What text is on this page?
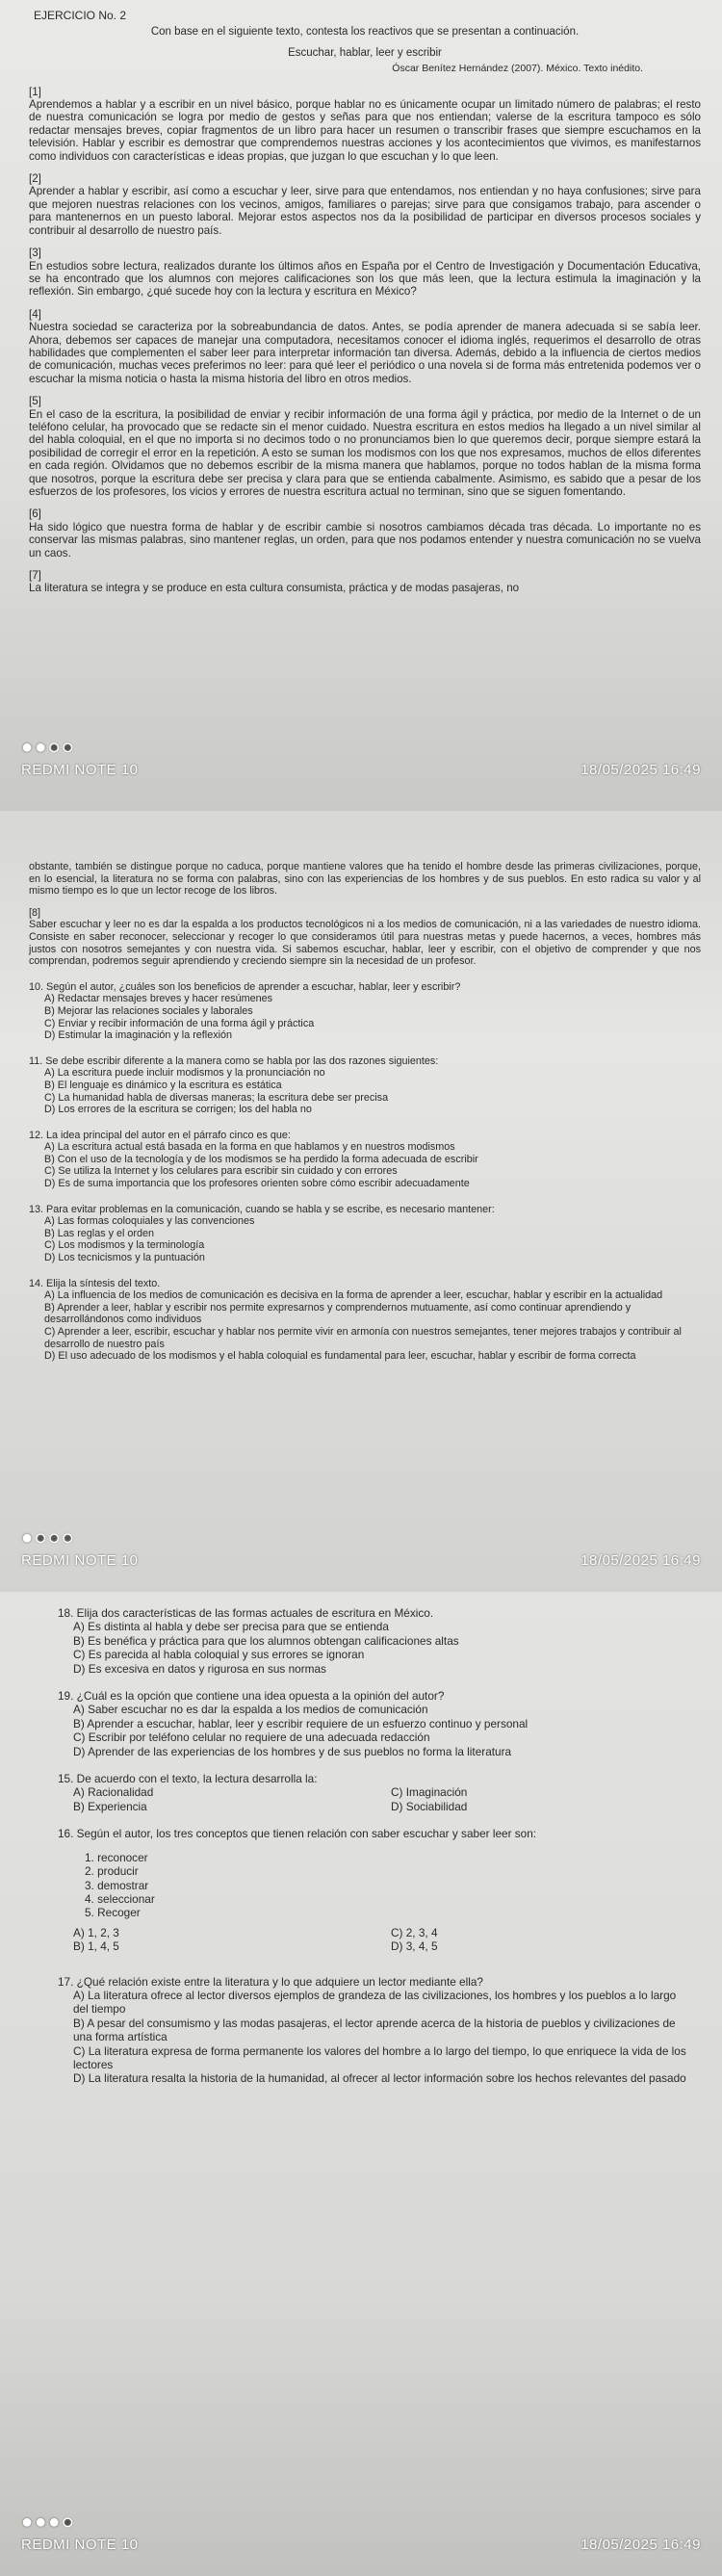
EJERCICIO No. 2
Con base en el siguiente texto, contesta los reactivos que se presentan a continuación.
Escuchar, hablar, leer y escribir
Óscar Benítez Hernández (2007). México. Texto inédito.
[1]
Aprendemos a hablar y a escribir en un nivel básico, porque hablar no es únicamente ocupar un limitado número de palabras; el resto de nuestra comunicación se logra por medio de gestos y señas para que nos entiendan; valerse de la escritura tampoco es sólo redactar mensajes breves, copiar fragmentos de un libro para hacer un resumen o transcribir frases que siempre escuchamos en la televisión. Hablar y escribir es demostrar que comprendemos nuestras acciones y los acontecimientos que vivimos, es manifestarnos como individuos con características e ideas propias, que juzgan lo que escuchan y lo que leen.
[2]
Aprender a hablar y escribir, así como a escuchar y leer, sirve para que entendamos, nos entiendan y no haya confusiones; sirve para que mejoren nuestras relaciones con los vecinos, amigos, familiares o parejas; sirve para que consigamos trabajo, para ascender o para mantenernos en un puesto laboral. Mejorar estos aspectos nos da la posibilidad de participar en diversos procesos sociales y contribuir al desarrollo de nuestro país.
[3]
En estudios sobre lectura, realizados durante los últimos años en España por el Centro de Investigación y Documentación Educativa, se ha encontrado que los alumnos con mejores calificaciones son los que más leen, que la lectura estimula la imaginación y la reflexión. Sin embargo, ¿qué sucede hoy con la lectura y escritura en México?
[4]
Nuestra sociedad se caracteriza por la sobreabundancia de datos. Antes, se podía aprender de manera adecuada si se sabía leer. Ahora, debemos ser capaces de manejar una computadora, necesitamos conocer el idioma inglés, requerimos el desarrollo de otras habilidades que complementen el saber leer para interpretar información tan diversa. Además, debido a la influencia de ciertos medios de comunicación, muchas veces preferimos no leer: para qué leer el periódico o una novela si de forma más entretenida podemos ver o escuchar la misma noticia o hasta la misma historia del libro en otros medios.
[5]
En el caso de la escritura, la posibilidad de enviar y recibir información de una forma ágil y práctica, por medio de la Internet o de un teléfono celular, ha provocado que se redacte sin el menor cuidado. Nuestra escritura en estos medios ha llegado a un nivel similar al del habla coloquial, en el que no importa si no decimos todo o no pronunciamos bien lo que queremos decir, porque siempre estará la posibilidad de corregir el error en la repetición. A esto se suman los modismos con los que nos expresamos, muchos de ellos diferentes en cada región. Olvidamos que no debemos escribir de la misma manera que hablamos, porque no todos hablan de la misma forma que nosotros, porque la escritura debe ser precisa y clara para que se entienda cabalmente. Asimismo, es sabido que a pesar de los esfuerzos de los profesores, los vicios y errores de nuestra escritura actual no terminan, sino que se siguen fomentando.
[6]
Ha sido lógico que nuestra forma de hablar y de escribir cambie si nosotros cambiamos década tras década. Lo importante no es conservar las mismas palabras, sino mantener reglas, un orden, para que nos podamos entender y nuestra comunicación no se vuelva un caos.
[7]
La literatura se integra y se produce en esta cultura consumista, práctica y de modas pasajeras, no
●●●●
REDMI NOTE 10	18/05/2025 16:49
obstante, también se distingue porque no caduca, porque mantiene valores que ha tenido el hombre desde las primeras civilizaciones, porque, en lo esencial, la literatura no se forma con palabras, sino con las experiencias de los hombres y de sus pueblos. En esto radica su valor y al mismo tiempo es lo que un lector recoge de los libros.
[8]
Saber escuchar y leer no es dar la espalda a los productos tecnológicos ni a los medios de comunicación, ni a las variedades de nuestro idioma. Consiste en saber reconocer, seleccionar y recoger lo que consideramos útil para nuestras metas y puede hacernos, a veces, hombres más justos con nosotros semejantes y con nuestra vida. Si sabemos escuchar, hablar, leer y escribir, con el objetivo de comprender y que nos comprendan, podremos seguir aprendiendo y creciendo siempre sin la necesidad de un profesor.
10. Según el autor, ¿cuáles son los beneficios de aprender a escuchar, hablar, leer y escribir?
A) Redactar mensajes breves y hacer resúmenes
B) Mejorar las relaciones sociales y laborales
C) Enviar y recibir información de una forma ágil y práctica
D) Estimular la imaginación y la reflexión
11. Se debe escribir diferente a la manera como se habla por las dos razones siguientes:
A) La escritura puede incluir modismos y la pronunciación no
B) El lenguaje es dinámico y la escritura es estática
C) La humanidad habla de diversas maneras; la escritura debe ser precisa
D) Los errores de la escritura se corrigen; los del habla no
12. La idea principal del autor en el párrafo cinco es que:
A) La escritura actual está basada en la forma en que hablamos y en nuestros modismos
B) Con el uso de la tecnología y de los modismos se ha perdido la forma adecuada de escribir
C) Se utiliza la Internet y los celulares para escribir sin cuidado y con errores
D) Es de suma importancia que los profesores orienten sobre cómo escribir adecuadamente
13. Para evitar problemas en la comunicación, cuando se habla y se escribe, es necesario mantener:
A) Las formas coloquiales y las convenciones
B) Las reglas y el orden
C) Los modismos y la terminología
D) Los tecnicismos y la puntuación
14. Elija la síntesis del texto.
A) La influencia de los medios de comunicación es decisiva en la forma de aprender a leer, escuchar, hablar y escribir en la actualidad
B) Aprender a leer, hablar y escribir nos permite expresarnos y comprendernos mutuamente, así como continuar aprendiendo y desarrollándonos como individuos
C) Aprender a leer, escribir, escuchar y hablar nos permite vivir en armonía con nuestros semejantes, tener mejores trabajos y contribuir al desarrollo de nuestro país
D) El uso adecuado de los modismos y el habla coloquial es fundamental para leer, escuchar, hablar y escribir de forma correcta
●●●●
REDMI NOTE 10	18/05/2025 16:49
18. Elija dos características de las formas actuales de escritura en México.
A) Es distinta al habla y debe ser precisa para que se entienda
B) Es benéfica y práctica para que los alumnos obtengan calificaciones altas
C) Es parecida al habla coloquial y sus errores se ignoran
D) Es excesiva en datos y rigurosa en sus normas
19. ¿Cuál es la opción que contiene una idea opuesta a la opinión del autor?
A) Saber escuchar no es dar la espalda a los medios de comunicación
B) Aprender a escuchar, hablar, leer y escribir requiere de un esfuerzo continuo y personal
C) Escribir por teléfono celular no requiere de una adecuada redacción
D) Aprender de las experiencias de los hombres y de sus pueblos no forma la literatura
15. De acuerdo con el texto, la lectura desarrolla la:
A) Racionalidad
B) Experiencia
C) Imaginación
D) Sociabilidad
16. Según el autor, los tres conceptos que tienen relación con saber escuchar y saber leer son:
1. reconocer
2. producir
3. demostrar
4. seleccionar
5. Recoger
A) 1, 2, 3
B) 1, 4, 5
C) 2, 3, 4
D) 3, 4, 5
17. ¿Qué relación existe entre la literatura y lo que adquiere un lector mediante ella?
A) La literatura ofrece al lector diversos ejemplos de grandeza de las civilizaciones, los hombres y los pueblos a lo largo del tiempo
B) A pesar del consumismo y las modas pasajeras, el lector aprende acerca de la historia de pueblos y civilizaciones de una forma artística
C) La literatura expresa de forma permanente los valores del hombre a lo largo del tiempo, lo que enriquece la vida de los lectores
D) La literatura resalta la historia de la humanidad, al ofrecer al lector información sobre los hechos relevantes del pasado
●●●●
REDMI NOTE 10	18/05/2025 16:49
